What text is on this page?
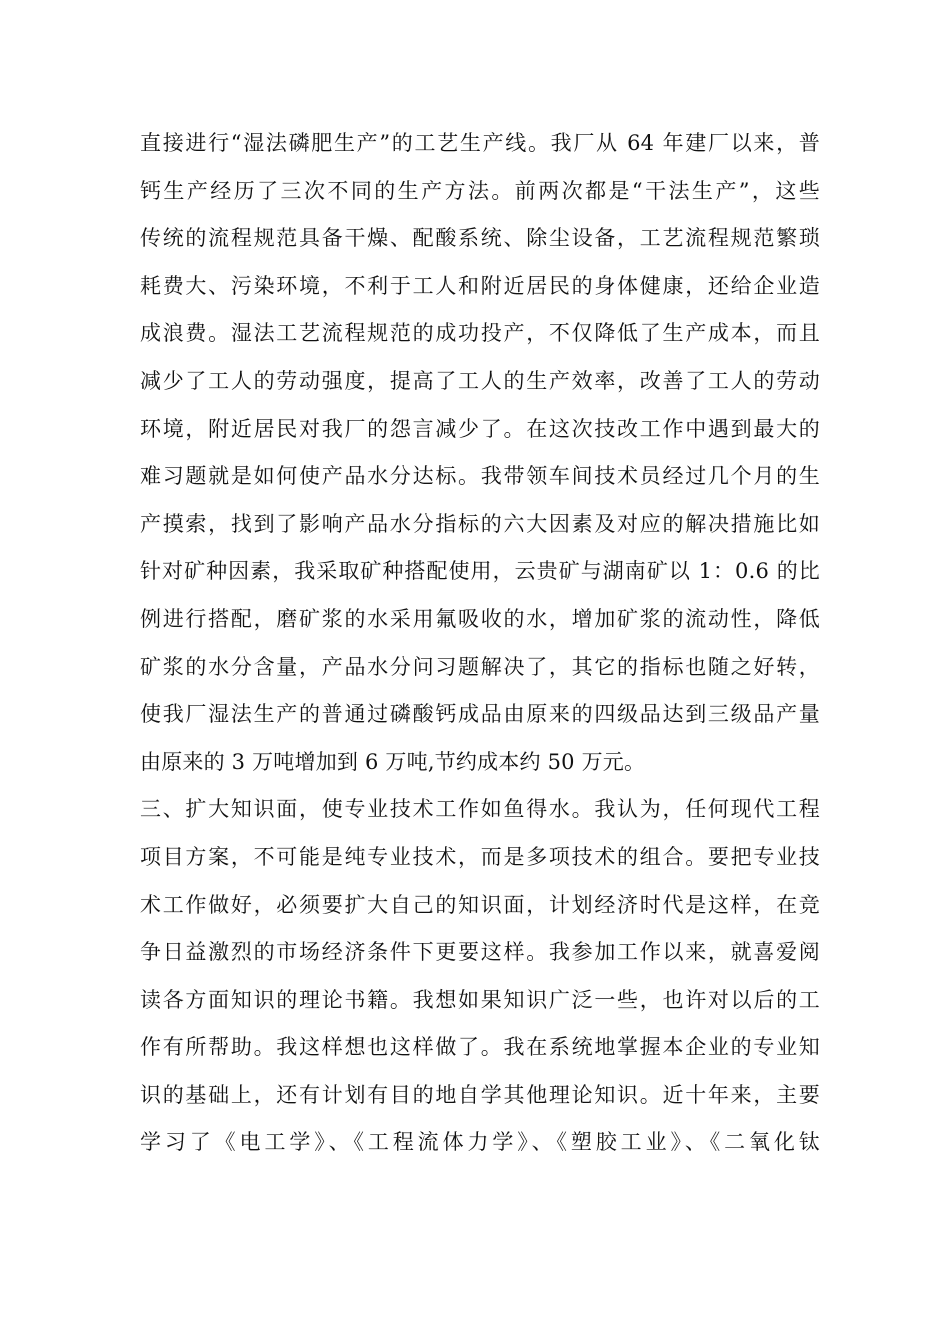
直接进行“湿法磷肥生产”的工艺生产线。我厂从 64 年建厂以来，普
钙生产经历了三次不同的生产方法。前两次都是“干法生产”，这些
传统的流程规范具备干燥、配酸系统、除尘设备，工艺流程规范繁琐
耗费大、污染环境，不利于工人和附近居民的身体健康，还给企业造
成浪费。湿法工艺流程规范的成功投产，不仅降低了生产成本，而且
减少了工人的劳动强度，提高了工人的生产效率，改善了工人的劳动
环境，附近居民对我厂的怨言减少了。在这次技改工作中遇到最大的
难习题就是如何使产品水分达标。我带领车间技术员经过几个月的生
产摸索，找到了影响产品水分指标的六大因素及对应的解决措施比如
针对矿种因素，我采取矿种搭配使用，云贵矿与湖南矿以 1：0.6 的比
例进行搭配，磨矿浆的水采用氟吸收的水，增加矿浆的流动性，降低
矿浆的水分含量，产品水分问习题解决了，其它的指标也随之好转，
使我厂湿法生产的普通过磷酸钙成品由原来的四级品达到三级品产量
由原来的 3 万吨增加到 6 万吨,节约成本约 50 万元。
三、扩大知识面，使专业技术工作如鱼得水。我认为，任何现代工程
项目方案，不可能是纯专业技术，而是多项技术的组合。要把专业技
术工作做好，必须要扩大自己的知识面，计划经济时代是这样，在竞
争日益激烈的市场经济条件下更要这样。我参加工作以来，就喜爱阅
读各方面知识的理论书籍。我想如果知识广泛一些，也许对以后的工
作有所帮助。我这样想也这样做了。我在系统地掌握本企业的专业知
识的基础上，还有计划有目的地自学其他理论知识。近十年来，主要
学习了《电工学》、《工程流体力学》、《塑胶工业》、《二氧化钛
